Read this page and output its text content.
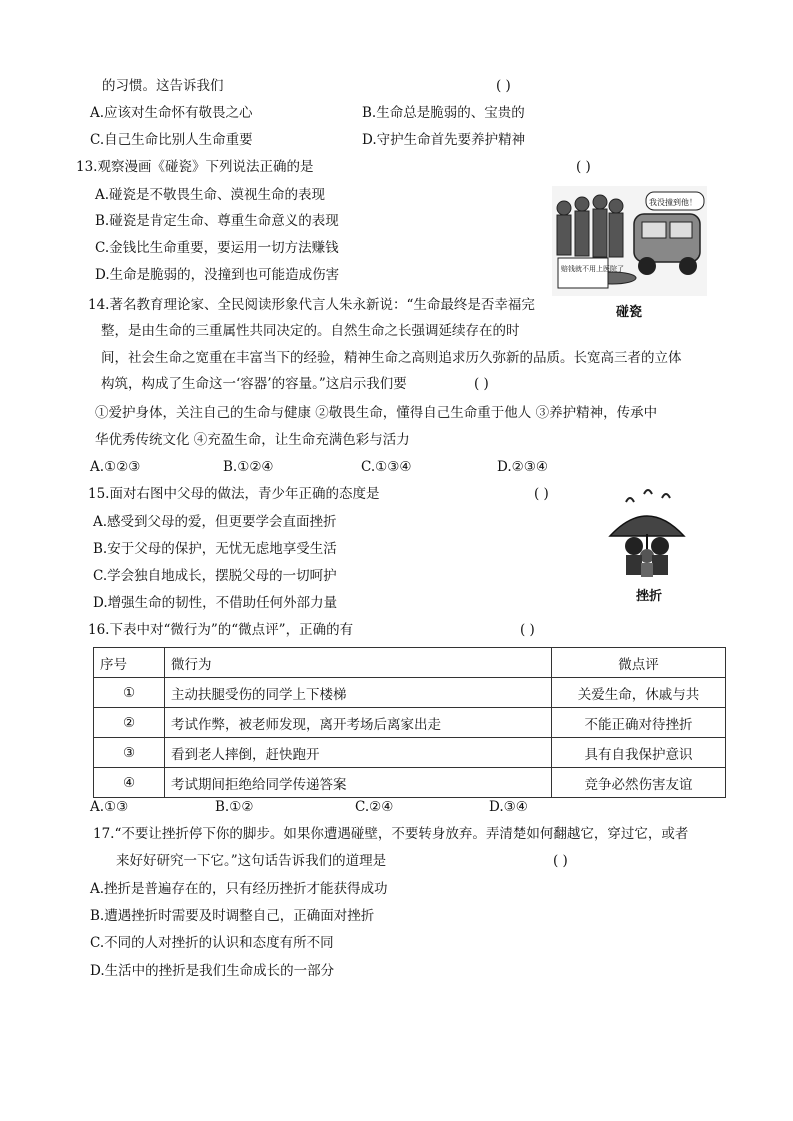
的习惯。这告诉我们	( )
A.应该对生命怀有敬畏之心	B.生命总是脆弱的、宝贵的
C.自己生命比别人生命重要	D.守护生命首先要养护精神
13.观察漫画《碰瓷》下列说法正确的是	( )
A.碰瓷是不敬畏生命、漠视生命的表现
B.碰瓷是肯定生命、尊重生命意义的表现
C.金钱比生命重要，要运用一切方法赚钱
D.生命是脆弱的，没撞到也可能造成伤害
我没撞到他！
赔钱就不用上医院了
碰瓷
14.著名教育理论家、全民阅读形象代言人朱永新说：“生命最终是否幸福完
整，是由生命的三重属性共同决定的。自然生命之长强调延续存在的时
间，社会生命之宽重在丰富当下的经验，精神生命之高则追求历久弥新的品质。长宽高三者的立体
构筑，构成了生命这一‘容器’的容量。”这启示我们要	( )
①爱护身体，关注自己的生命与健康 ②敬畏生命，懂得自己生命重于他人 ③养护精神，传承中
华优秀传统文化 ④充盈生命，让生命充满色彩与活力
A.①②③	B.①②④	C.①③④	D.②③④
15.面对右图中父母的做法，青少年正确的态度是	( )
A.感受到父母的爱，但更要学会直面挫折
B.安于父母的保护，无忧无虑地享受生活
C.学会独自地成长，摆脱父母的一切呵护
D.增强生命的韧性，不借助任何外部力量	挫折
16.下表中对“微行为”的“微点评”，正确的有	( )
序号	微行为	微点评
①	主动扶腿受伤的同学上下楼梯	关爱生命，休戚与共
②	考试作弊，被老师发现，离开考场后离家出走	不能正确对待挫折
③	看到老人摔倒，赶快跑开	具有自我保护意识
④	考试期间拒绝给同学传递答案	竞争必然伤害友谊
A.①③	B.①②	C.②④	D.③④
17.“不要让挫折停下你的脚步。如果你遭遇碰壁，不要转身放弃。弄清楚如何翻越它，穿过它，或者
来好好研究一下它。”这句话告诉我们的道理是	( )
A.挫折是普遍存在的，只有经历挫折才能获得成功
B.遭遇挫折时需要及时调整自己，正确面对挫折
C.不同的人对挫折的认识和态度有所不同
D.生活中的挫折是我们生命成长的一部分
